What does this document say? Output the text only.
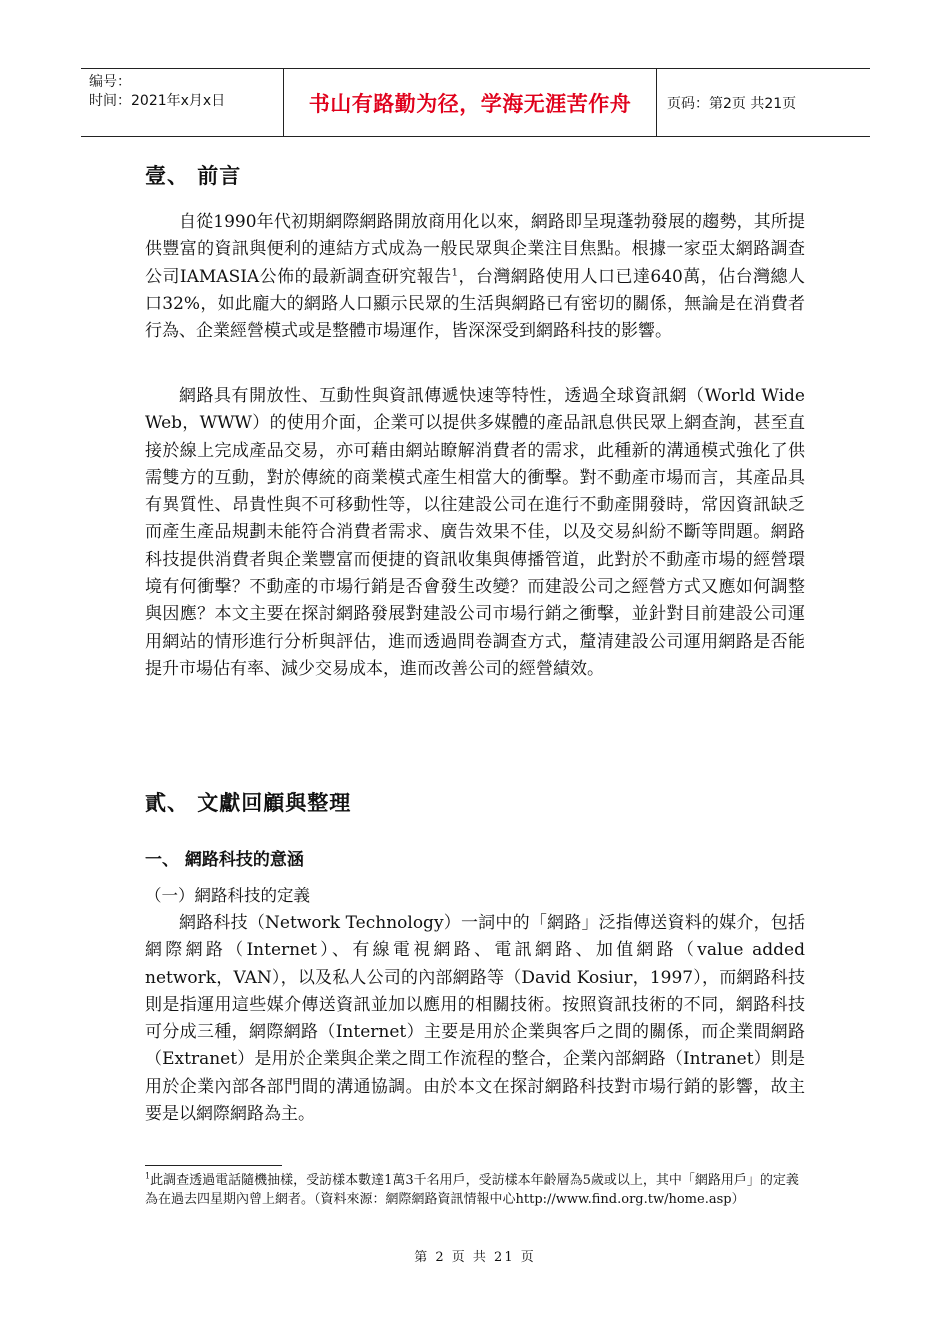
编号：
时间：2021年x月x日	书山有路勤为径，学海无涯苦作舟	页码：第2页 共21页
壹、 前言

自從1990年代初期網際網路開放商用化以來，網路即呈現蓬勃發展的趨勢，其所提供豐富的資訊與便利的連結方式成為一般民眾與企業注目焦點。根據一家亞太網路調查公司IAMASIA公佈的最新調查研究報告$^1$，台灣網路使用人口已達640萬，佔台灣總人口32%，如此龐大的網路人口顯示民眾的生活與網路已有密切的關係，無論是在消費者行為、企業經營模式或是整體市場運作，皆深深受到網路科技的影響。

網路具有開放性、互動性與資訊傳遞快速等特性，透過全球資訊網（World Wide Web，WWW）的使用介面，企業可以提供多媒體的產品訊息供民眾上網查詢，甚至直接於線上完成產品交易，亦可藉由網站瞭解消費者的需求，此種新的溝通模式強化了供需雙方的互動，對於傳統的商業模式產生相當大的衝擊。對不動產市場而言，其產品具有異質性、昂貴性與不可移動性等，以往建設公司在進行不動產開發時，常因資訊缺乏而產生產品規劃未能符合消費者需求、廣告效果不佳，以及交易糾紛不斷等問題。網路科技提供消費者與企業豐富而便捷的資訊收集與傳播管道，此對於不動產市場的經營環境有何衝擊？不動產的市場行銷是否會發生改變？而建設公司之經營方式又應如何調整與因應？本文主要在探討網路發展對建設公司市場行銷之衝擊，並針對目前建設公司運用網站的情形進行分析與評估，進而透過問卷調查方式，釐清建設公司運用網路是否能提升市場佔有率、減少交易成本，進而改善公司的經營績效。

貳、 文獻回顧與整理
一、 網路科技的意涵
（一）網路科技的定義

網路科技（Network Technology）一詞中的「網路」泛指傳送資料的媒介，包括網際網路（Internet）、有線電視網路、電訊網路、加值網路（value added network，VAN），以及私人公司的內部網路等（David Kosiur，1997），而網路科技則是指運用這些媒介傳送資訊並加以應用的相關技術。按照資訊技術的不同，網路科技可分成三種，網際網路（Internet）主要是用於企業與客戶之間的關係，而企業間網路（Extranet）是用於企業與企業之間工作流程的整合，企業內部網路（Intranet）則是用於企業內部各部門間的溝通協調。由於本文在探討網路科技對市場行銷的影響，故主要是以網際網路為主。

$^1$此調查透過電話隨機抽樣，受訪樣本數達1萬3千名用戶，受訪樣本年齡層為5歲或以上，其中「網路用戶」的定義為在過去四星期內曾上網者。（資料來源：網際網路資訊情報中心http://www.find.org.tw/home.asp）

第 2 页 共 21 页
